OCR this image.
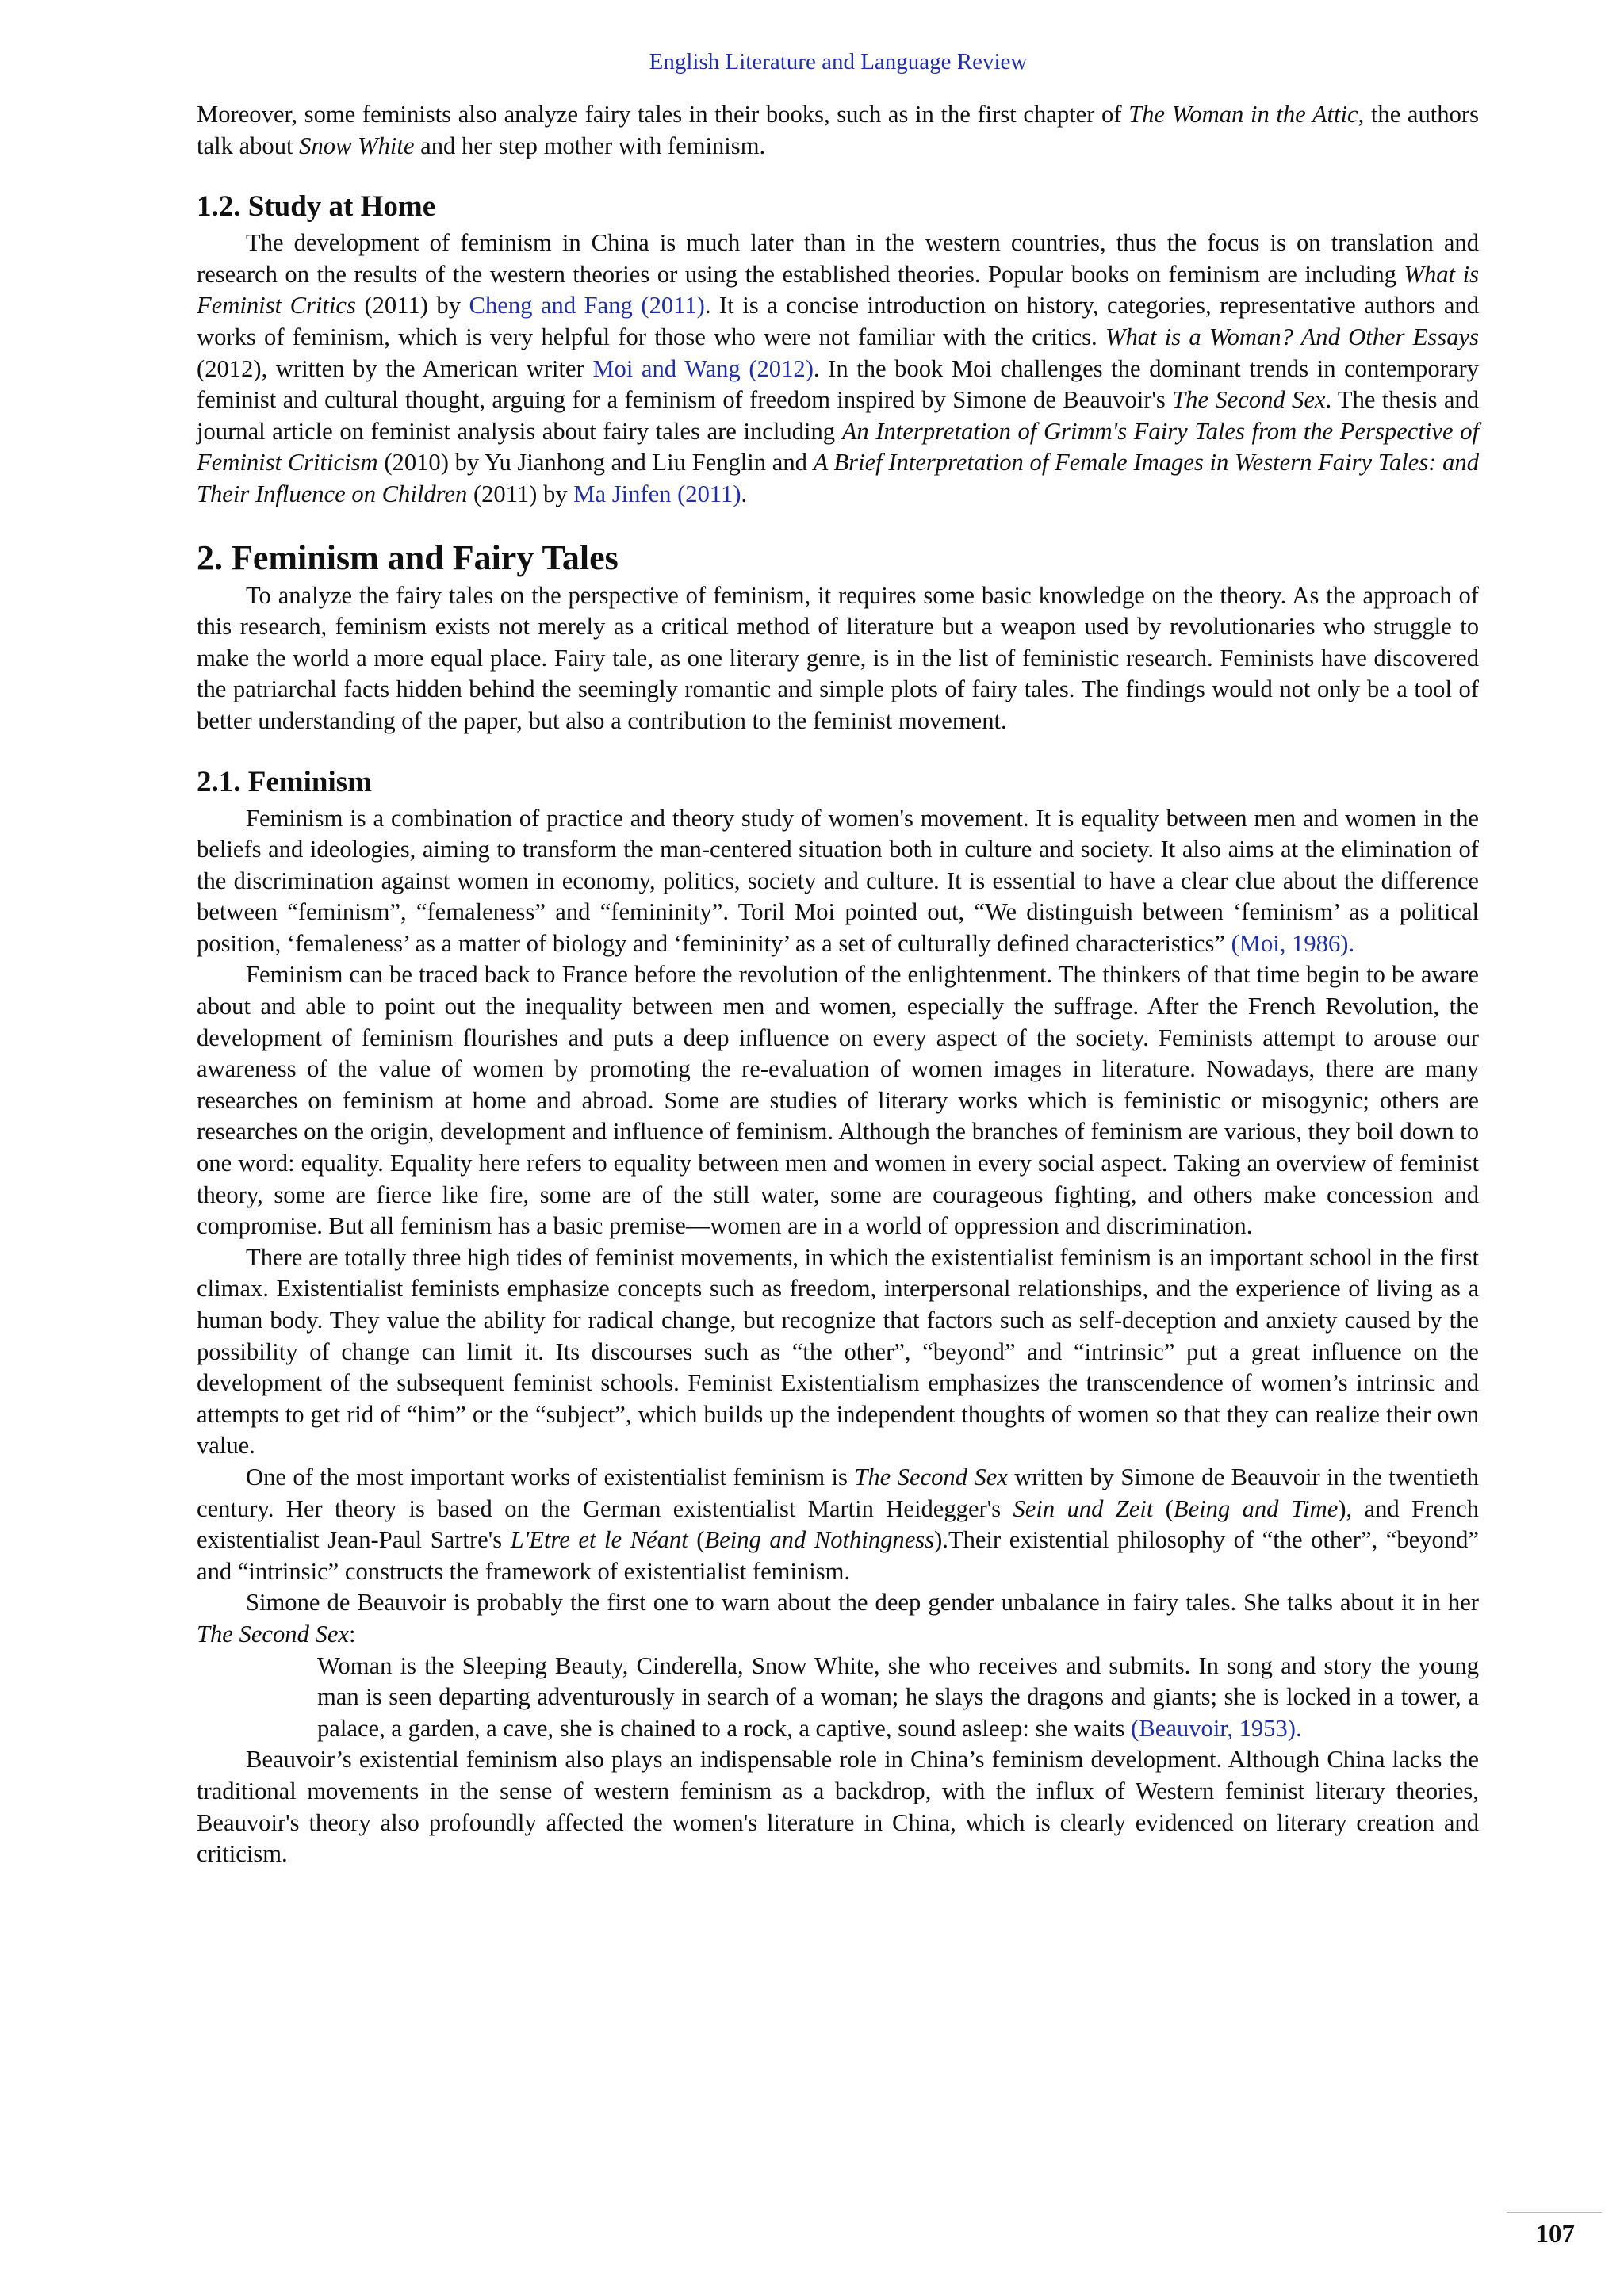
English Literature and Language Review

Moreover, some feminists also analyze fairy tales in their books, such as in the first chapter of The Woman in the Attic, the authors talk about Snow White and her step mother with feminism.

1.2. Study at Home

The development of feminism in China is much later than in the western countries, thus the focus is on translation and research on the results of the western theories or using the established theories. Popular books on feminism are including What is Feminist Critics (2011) by Cheng and Fang (2011). It is a concise introduction on history, categories, representative authors and works of feminism, which is very helpful for those who were not familiar with the critics. What is a Woman? And Other Essays (2012), written by the American writer Moi and Wang (2012). In the book Moi challenges the dominant trends in contemporary feminist and cultural thought, arguing for a feminism of freedom inspired by Simone de Beauvoir's The Second Sex. The thesis and journal article on feminist analysis about fairy tales are including An Interpretation of Grimm's Fairy Tales from the Perspective of Feminist Criticism (2010) by Yu Jianhong and Liu Fenglin and A Brief Interpretation of Female Images in Western Fairy Tales: and Their Influence on Children (2011) by Ma Jinfen (2011).

2. Feminism and Fairy Tales

To analyze the fairy tales on the perspective of feminism, it requires some basic knowledge on the theory. As the approach of this research, feminism exists not merely as a critical method of literature but a weapon used by revolutionaries who struggle to make the world a more equal place. Fairy tale, as one literary genre, is in the list of feministic research. Feminists have discovered the patriarchal facts hidden behind the seemingly romantic and simple plots of fairy tales. The findings would not only be a tool of better understanding of the paper, but also a contribution to the feminist movement.

2.1. Feminism

Feminism is a combination of practice and theory study of women's movement. It is equality between men and women in the beliefs and ideologies, aiming to transform the man-centered situation both in culture and society. It also aims at the elimination of the discrimination against women in economy, politics, society and culture. It is essential to have a clear clue about the difference between “feminism”, “femaleness” and “femininity”. Toril Moi pointed out, “We distinguish between ‘feminism’ as a political position, ‘femaleness’ as a matter of biology and ‘femininity’ as a set of culturally defined characteristics” (Moi, 1986).

Feminism can be traced back to France before the revolution of the enlightenment. The thinkers of that time begin to be aware about and able to point out the inequality between men and women, especially the suffrage. After the French Revolution, the development of feminism flourishes and puts a deep influence on every aspect of the society. Feminists attempt to arouse our awareness of the value of women by promoting the re-evaluation of women images in literature. Nowadays, there are many researches on feminism at home and abroad. Some are studies of literary works which is feministic or misogynic; others are researches on the origin, development and influence of feminism. Although the branches of feminism are various, they boil down to one word: equality. Equality here refers to equality between men and women in every social aspect. Taking an overview of feminist theory, some are fierce like fire, some are of the still water, some are courageous fighting, and others make concession and compromise. But all feminism has a basic premise—women are in a world of oppression and discrimination.

There are totally three high tides of feminist movements, in which the existentialist feminism is an important school in the first climax. Existentialist feminists emphasize concepts such as freedom, interpersonal relationships, and the experience of living as a human body. They value the ability for radical change, but recognize that factors such as self-deception and anxiety caused by the possibility of change can limit it. Its discourses such as “the other”, “beyond” and “intrinsic” put a great influence on the development of the subsequent feminist schools. Feminist Existentialism emphasizes the transcendence of women’s intrinsic and attempts to get rid of “him” or the “subject”, which builds up the independent thoughts of women so that they can realize their own value.

One of the most important works of existentialist feminism is The Second Sex written by Simone de Beauvoir in the twentieth century. Her theory is based on the German existentialist Martin Heidegger's Sein und Zeit (Being and Time), and French existentialist Jean-Paul Sartre's L'Etre et le Néant (Being and Nothingness).Their existential philosophy of “the other”, “beyond” and “intrinsic” constructs the framework of existentialist feminism.

Simone de Beauvoir is probably the first one to warn about the deep gender unbalance in fairy tales. She talks about it in her The Second Sex:

Woman is the Sleeping Beauty, Cinderella, Snow White, she who receives and submits. In song and story the young man is seen departing adventurously in search of a woman; he slays the dragons and giants; she is locked in a tower, a palace, a garden, a cave, she is chained to a rock, a captive, sound asleep: she waits (Beauvoir, 1953).

Beauvoir’s existential feminism also plays an indispensable role in China’s feminism development. Although China lacks the traditional movements in the sense of western feminism as a backdrop, with the influx of Western feminist literary theories, Beauvoir's theory also profoundly affected the women's literature in China, which is clearly evidenced on literary creation and criticism.

107
